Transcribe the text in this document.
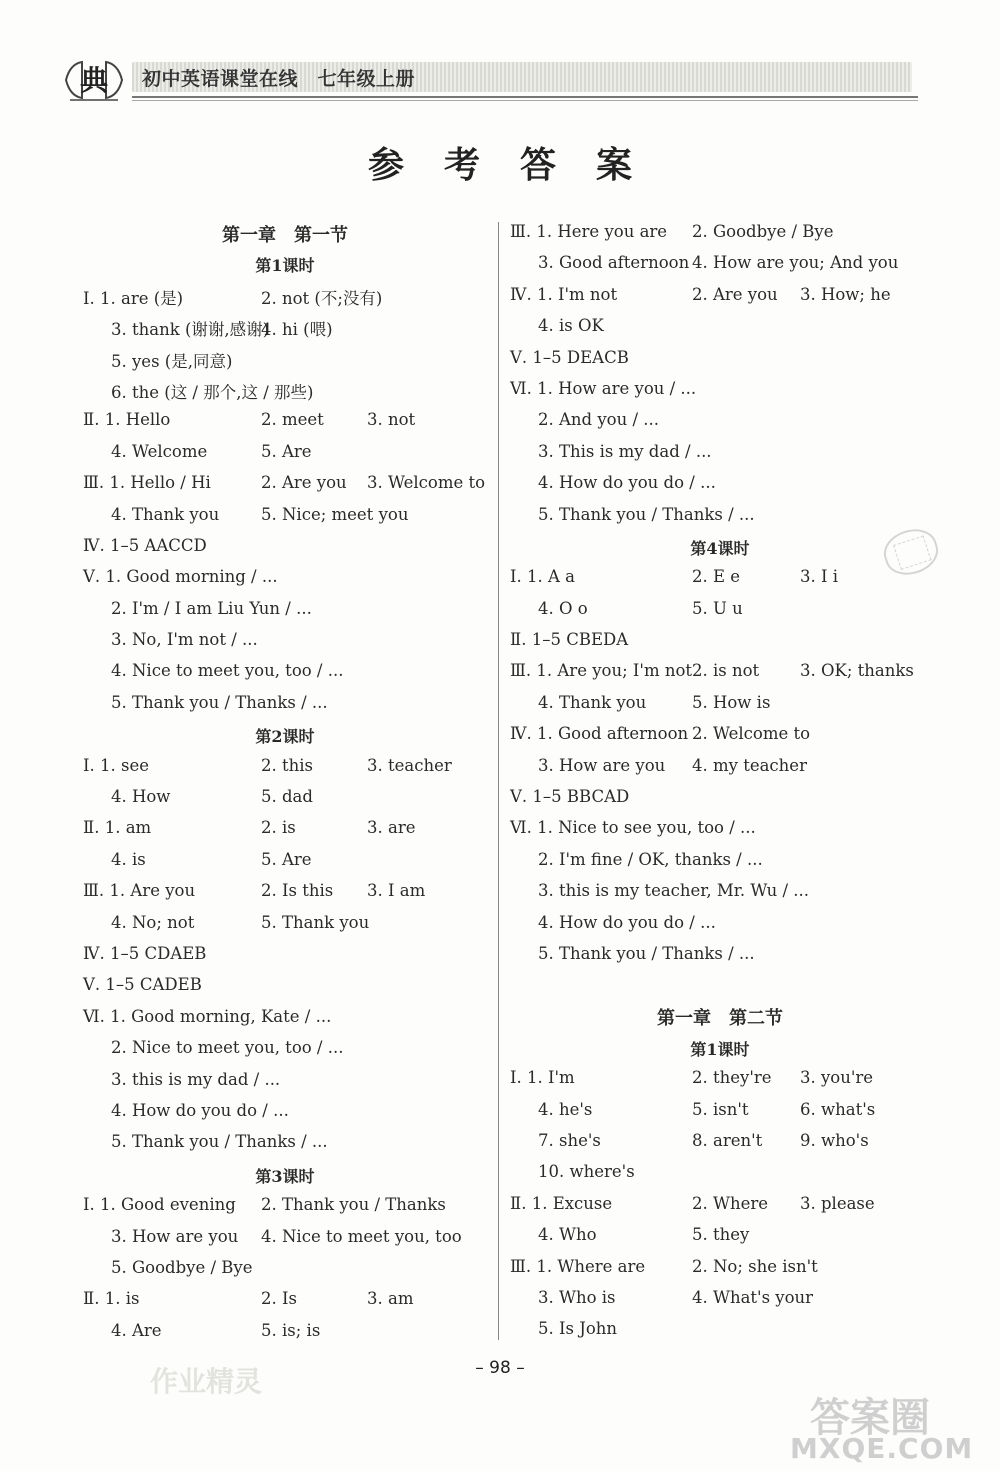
典 初中英语课堂在线　七年级上册
参考答案
第一章　第一节
第1课时
Ⅰ. 1. are (是)	2. not (不;没有)
3. thank (谢谢,感谢)
4. hi (喂)
5. yes (是,同意)
6. the (这 / 那个,这 / 那些)
Ⅱ. 1. Hello	2. meet	3. not
4. Welcome	5. Are
Ⅲ. 1. Hello / Hi	2. Are you 3. Welcome to
4. Thank you	5. Nice; meet you
Ⅳ. 1–5 AACCD
Ⅴ. 1. Good morning / ...
2. I'm / I am Liu Yun / ...
3. No, I'm not / ...
4. Nice to meet you, too / ...
5. Thank you / Thanks / ...
第2课时
Ⅰ. 1. see	2. this	3. teacher
4. How	5. dad
Ⅱ. 1. am	2. is	3. are
4. is	5. Are
Ⅲ. 1. Are you	2. Is this 3. I am
4. No; not	5. Thank you
Ⅳ. 1–5 CDAEB
Ⅴ. 1–5 CADEB
Ⅵ. 1. Good morning, Kate / ...
2. Nice to meet you, too / ...
3. this is my dad / ...
4. How do you do / ...
5. Thank you / Thanks / ...
第3课时
Ⅰ. 1. Good evening 2. Thank you / Thanks
3. How are you 4. Nice to meet you, too
5. Goodbye / Bye
Ⅱ. 1. is	2. Is	3. am
4. Are	5. is; is
Ⅲ. 1. Here you are 2. Goodbye / Bye
3. Good afternoon 4. How are you; And you
Ⅳ. 1. I'm not	2. Are you 3. How; he
4. is OK
Ⅴ. 1–5 DEACB
Ⅵ. 1. How are you / ...
2. And you / ...
3. This is my dad / ...
4. How do you do / ...
5. Thank you / Thanks / ...
第4课时
Ⅰ. 1. A a	2. E e	3. I i
4. O o	5. U u
Ⅱ. 1–5 CBEDA
Ⅲ. 1. Are you; I'm not 2. is not 3. OK; thanks
4. Thank you	5. How is
Ⅳ. 1. Good afternoon 2. Welcome to
3. How are you 4. my teacher
Ⅴ. 1–5 BBCAD
Ⅵ. 1. Nice to see you, too / ...
2. I'm fine / OK, thanks / ...
3. this is my teacher, Mr. Wu / ...
4. How do you do / ...
5. Thank you / Thanks / ...
第一章　第二节
第1课时
Ⅰ. 1. I'm	2. they're 3. you're
4. he's	5. isn't	6. what's
7. she's	8. aren't 9. who's
10. where's
Ⅱ. 1. Excuse	2. Where 3. please
4. Who	5. they
Ⅲ. 1. Where are	2. No; she isn't
3. Who is	4. What's your
5. Is John
– 98 –
作业精灵
答案圈
MXQE.COM
